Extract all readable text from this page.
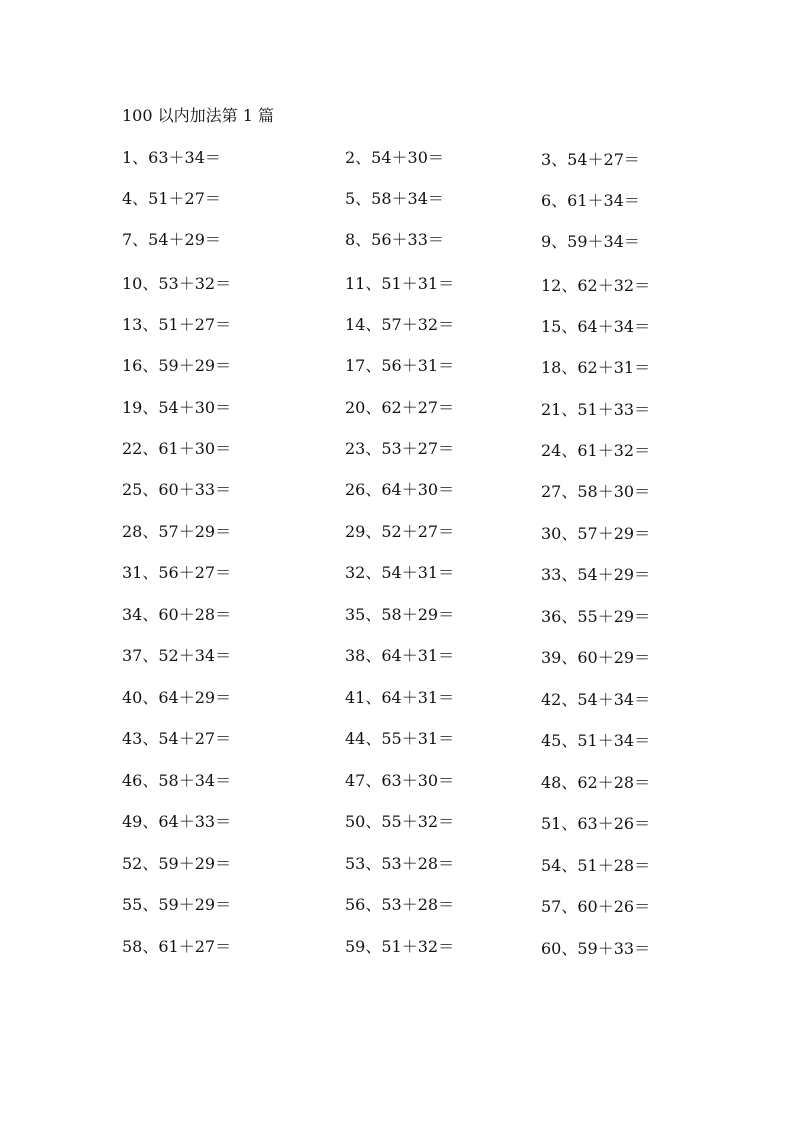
100 以内加法第 1 篇
1、63＋34＝	2、54＋30＝	3、54＋27＝
4、51＋27＝	5、58＋34＝	6、61＋34＝
7、54＋29＝	8、56＋33＝	9、59＋34＝
10、53＋32＝	11、51＋31＝	12、62＋32＝
13、51＋27＝	14、57＋32＝	15、64＋34＝
16、59＋29＝	17、56＋31＝	18、62＋31＝
19、54＋30＝	20、62＋27＝	21、51＋33＝
22、61＋30＝	23、53＋27＝	24、61＋32＝
25、60＋33＝	26、64＋30＝	27、58＋30＝
28、57＋29＝	29、52＋27＝	30、57＋29＝
31、56＋27＝	32、54＋31＝	33、54＋29＝
34、60＋28＝	35、58＋29＝	36、55＋29＝
37、52＋34＝	38、64＋31＝	39、60＋29＝
40、64＋29＝	41、64＋31＝	42、54＋34＝
43、54＋27＝	44、55＋31＝	45、51＋34＝
46、58＋34＝	47、63＋30＝	48、62＋28＝
49、64＋33＝	50、55＋32＝	51、63＋26＝
52、59＋29＝	53、53＋28＝	54、51＋28＝
55、59＋29＝	56、53＋28＝	57、60＋26＝
58、61＋27＝	59、51＋32＝	60、59＋33＝
